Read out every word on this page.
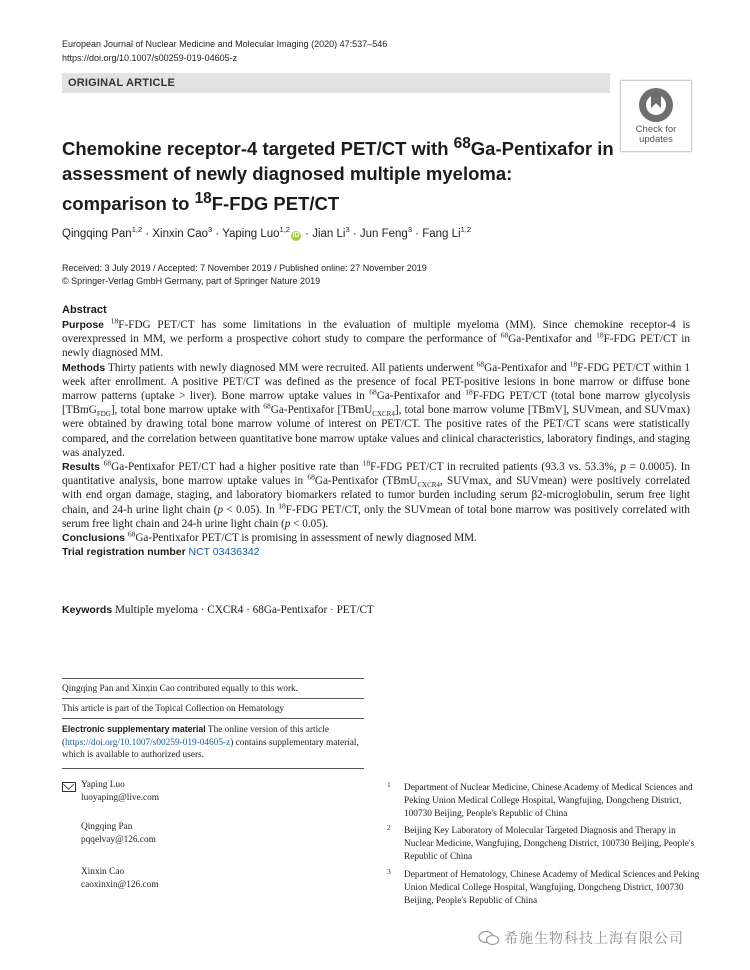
European Journal of Nuclear Medicine and Molecular Imaging (2020) 47:537–546
https://doi.org/10.1007/s00259-019-04605-z
ORIGINAL ARTICLE
Check for
updates
Chemokine receptor-4 targeted PET/CT with $^{68}$Ga-Pentixafor in assessment of newly diagnosed multiple myeloma: comparison to $^{18}$F-FDG PET/CT
Qingqing Pan$^{1,2}$ · Xinxin Cao$^3$ · Yaping Luo$^{1,2}$iD · Jian $Li^3$ · Jun Feng$^3$ · Fang Li$^{1,2}$
Received: 3 July 2019 / Accepted: 7 November 2019 / Published online: 27 November 2019
© Springer-Verlag GmbH Germany, part of Springer Nature 2019
Abstract

Purpose $^{18}$F-FDG PET/CT has some limitations in the evaluation of multiple myeloma (MM). Since chemokine receptor-4 is overexpressed in MM, we perform a prospective cohort study to compare the performance of $^{68}$Ga-Pentixafor and $^{18}$F-FDG PET/CT in newly diagnosed MM.

Methods Thirty patients with newly diagnosed MM were recruited. All patients underwent $^{68}$Ga-Pentixafor and $^{18}$F-FDG PET/CT within 1 week after enrollment. A positive PET/CT was defined as the presence of focal PET-positive lesions in bone marrow or diffuse bone marrow patterns (uptake > liver). Bone marrow uptake values in $^{68}$Ga-Pentixafor and $^{18}$F-FDG PET/CT (total bone marrow glycolysis [TBmG$_{FDG}$], total bone marrow uptake with $^{68}$Ga-Pentixafor [TBmU$_{CXCR4}$], total bone marrow volume [TBmV], SUVmean, and SUVmax) were obtained by drawing total bone marrow volume of interest on PET/CT. The positive rates of the PET/CT scans were statistically compared, and the correlation between quantitative bone marrow uptake values and clinical characteristics, laboratory findings, and staging was analyzed.

Results $^{68}$Ga-Pentixafor PET/CT had a higher positive rate than $^{18}$F-FDG PET/CT in recruited patients (93.3 vs. 53.3%, p = 0.0005). In quantitative analysis, bone marrow uptake values in $^{68}$Ga-Pentixafor (TBmU$_{CXCR4}$, SUVmax, and SUVmean) were positively correlated with end organ damage, staging, and laboratory biomarkers related to tumor burden including serum β2-microglobulin, serum free light chain, and 24-h urine light chain (p < 0.05). In $^{18}$F-FDG PET/CT, only the SUVmean of total bone marrow was positively correlated with serum free light chain and 24-h urine light chain (p < 0.05).

Conclusions $^{68}$Ga-Pentixafor PET/CT is promising in assessment of newly diagnosed MM.

Trial registration number NCT 03436342

Keywords Multiple myeloma · CXCR4 · 68Ga-Pentixafor · PET/CT
Qingqing Pan and Xinxin Cao contributed equally to this work.
This article is part of the Topical Collection on Hematology
Electronic supplementary material The online version of this article (https://doi.org/10.1007/s00259-019-04605-z) contains supplementary material, which is available to authorized users.
Yaping Luo
luoyaping@live.com
Qingqing Pan
pqqelvay@126.com
Xinxin Cao
caoxinxin@126.com
1 Department of Nuclear Medicine, Chinese Academy of Medical Sciences and Peking Union Medical College Hospital, Wangfujing, Dongcheng District, 100730 Beijing, People's Republic of China
2 Beijing Key Laboratory of Molecular Targeted Diagnosis and Therapy in Nuclear Medicine, Wangfujing, Dongcheng District, 100730 Beijing, People's Republic of China
3 Department of Hematology, Chinese Academy of Medical Sciences and Peking Union Medical College Hospital, Wangfujing, Dongcheng District, 100730 Beijing, People's Republic of China
希施生物科技上海有限公司
